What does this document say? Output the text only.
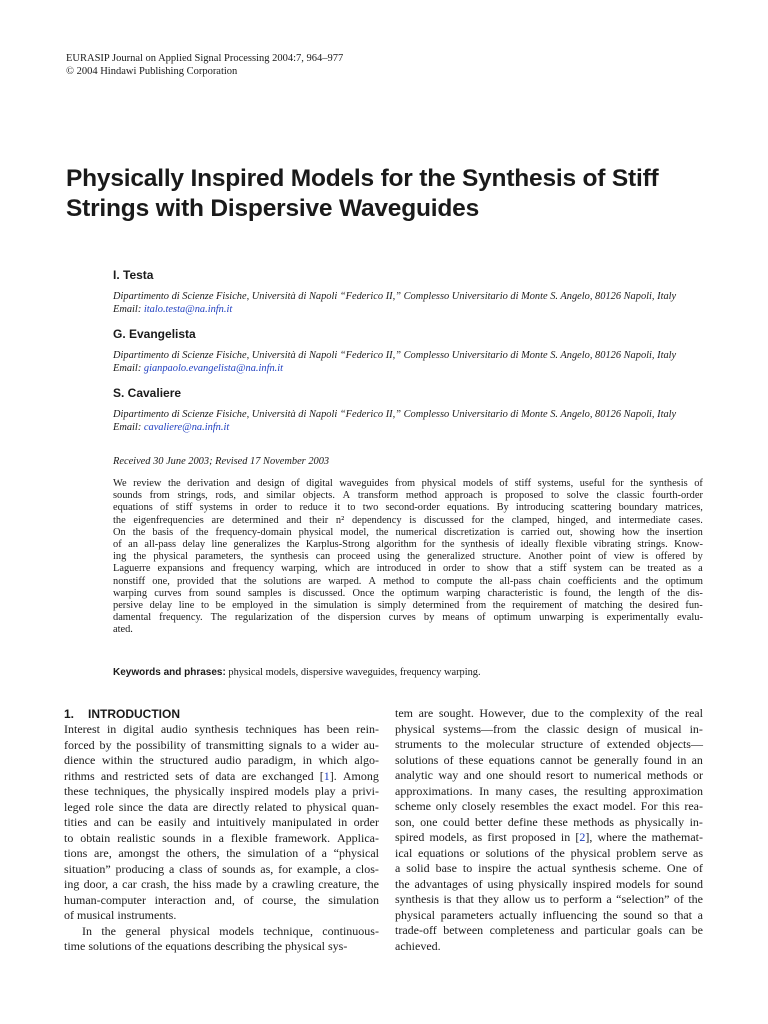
EURASIP Journal on Applied Signal Processing 2004:7, 964–977
© 2004 Hindawi Publishing Corporation
Physically Inspired Models for the Synthesis of Stiff
Strings with Dispersive Waveguides
I. Testa
Dipartimento di Scienze Fisiche, Università di Napoli “Federico II,” Complesso Universitario di Monte S. Angelo, 80126 Napoli, Italy
Email: italo.testa@na.infn.it
G. Evangelista
Dipartimento di Scienze Fisiche, Università di Napoli “Federico II,” Complesso Universitario di Monte S. Angelo, 80126 Napoli, Italy
Email: gianpaolo.evangelista@na.infn.it
S. Cavaliere
Dipartimento di Scienze Fisiche, Università di Napoli “Federico II,” Complesso Universitario di Monte S. Angelo, 80126 Napoli, Italy
Email: cavaliere@na.infn.it
Received 30 June 2003; Revised 17 November 2003
We review the derivation and design of digital waveguides from physical models of stiff systems, useful for the synthesis of
sounds from strings, rods, and similar objects. A transform method approach is proposed to solve the classic fourth-order
equations of stiff systems in order to reduce it to two second-order equations. By introducing scattering boundary matrices,
the eigenfrequencies are determined and their n² dependency is discussed for the clamped, hinged, and intermediate cases.
On the basis of the frequency-domain physical model, the numerical discretization is carried out, showing how the insertion
of an all-pass delay line generalizes the Karplus-Strong algorithm for the synthesis of ideally flexible vibrating strings. Know-
ing the physical parameters, the synthesis can proceed using the generalized structure. Another point of view is offered by
Laguerre expansions and frequency warping, which are introduced in order to show that a stiff system can be treated as a
nonstiff one, provided that the solutions are warped. A method to compute the all-pass chain coefficients and the optimum
warping curves from sound samples is discussed. Once the optimum warping characteristic is found, the length of the dis-
persive delay line to be employed in the simulation is simply determined from the requirement of matching the desired fun-
damental frequency. The regularization of the dispersion curves by means of optimum unwarping is experimentally evalu-
ated.
Keywords and phrases: physical models, dispersive waveguides, frequency warping.
1. INTRODUCTION
Interest in digital audio synthesis techniques has been rein-
forced by the possibility of transmitting signals to a wider au-
dience within the structured audio paradigm, in which algo-
rithms and restricted sets of data are exchanged [1]. Among
these techniques, the physically inspired models play a privi-
leged role since the data are directly related to physical quan-
tities and can be easily and intuitively manipulated in order
to obtain realistic sounds in a flexible framework. Applica-
tions are, amongst the others, the simulation of a “physical
situation” producing a class of sounds as, for example, a clos-
ing door, a car crash, the hiss made by a crawling creature, the
human-computer interaction and, of course, the simulation
of
musical
instruments.
In the general physical models technique, continuous-
time
solutions
of
the
equations
describing
the
physical
sys-
tem are sought. However, due to the complexity of the real
physical systems—from the classic design of musical in-
struments to the molecular structure of extended objects—
solutions of these equations cannot be generally found in an
analytic way and one should resort to numerical methods or
approximations. In many cases, the resulting approximation
scheme only closely resembles the exact model. For this rea-
son, one could better define these methods as physically in-
spired models, as first proposed in [2], where the mathemat-
ical equations or solutions of the physical problem serve as
a solid base to inspire the actual synthesis scheme. One of
the advantages of using physically inspired models for sound
synthesis is that they allow us to perform a “selection” of the
physical parameters actually influencing the sound so that a
trade-off between completeness and particular goals can be
achieved.
